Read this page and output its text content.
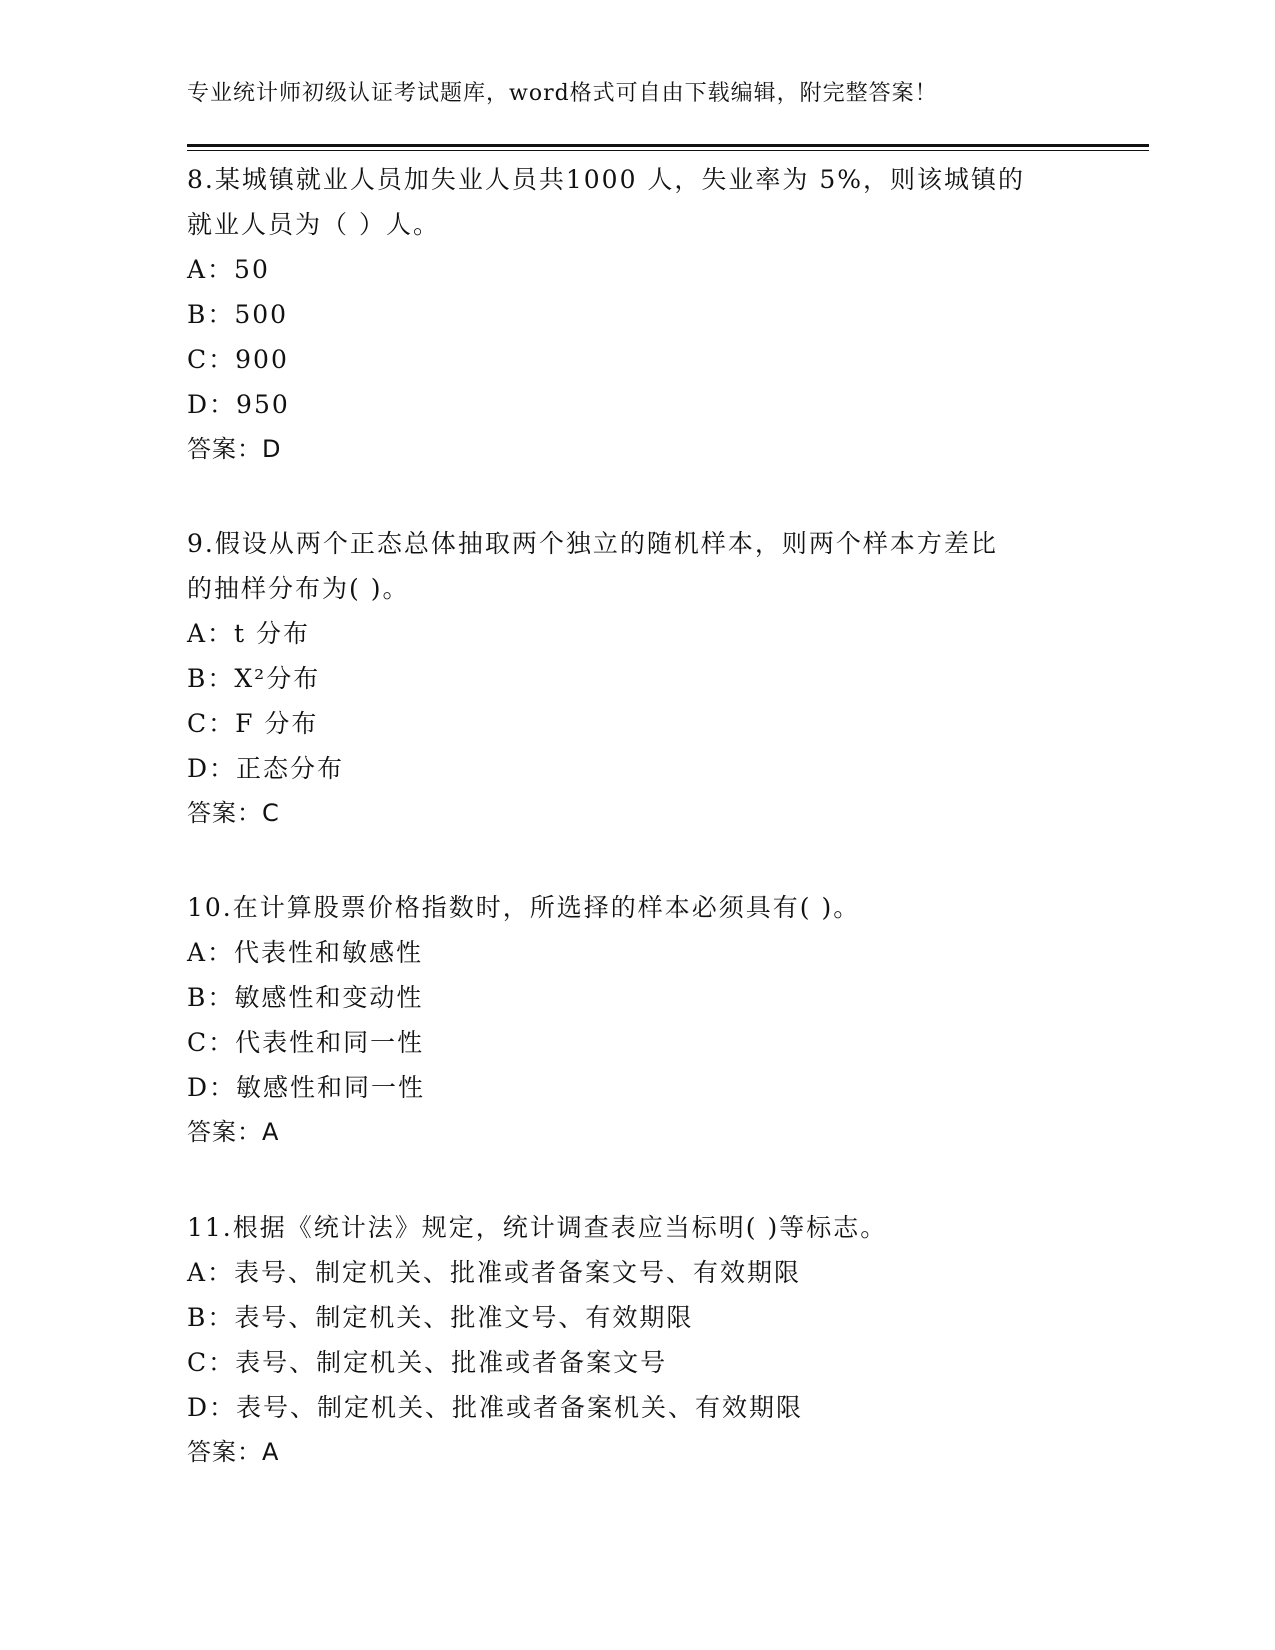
专业统计师初级认证考试题库，word格式可自由下载编辑，附完整答案！
8.某城镇就业人员加失业人员共1000 人，失业率为 5%，则该城镇的
就业人员为（ ）人。
A：50
B：500
C：900
D：950
答案：D
9.假设从两个正态总体抽取两个独立的随机样本，则两个样本方差比
的抽样分布为( )。
A：t 分布
B：X²分布
C：F 分布
D：正态分布
答案：C
10.在计算股票价格指数时，所选择的样本必须具有( )。
A：代表性和敏感性
B：敏感性和变动性
C：代表性和同一性
D：敏感性和同一性
答案：A
11.根据《统计法》规定，统计调查表应当标明( )等标志。
A：表号、制定机关、批准或者备案文号、有效期限
B：表号、制定机关、批准文号、有效期限
C：表号、制定机关、批准或者备案文号
D：表号、制定机关、批准或者备案机关、有效期限
答案：A
